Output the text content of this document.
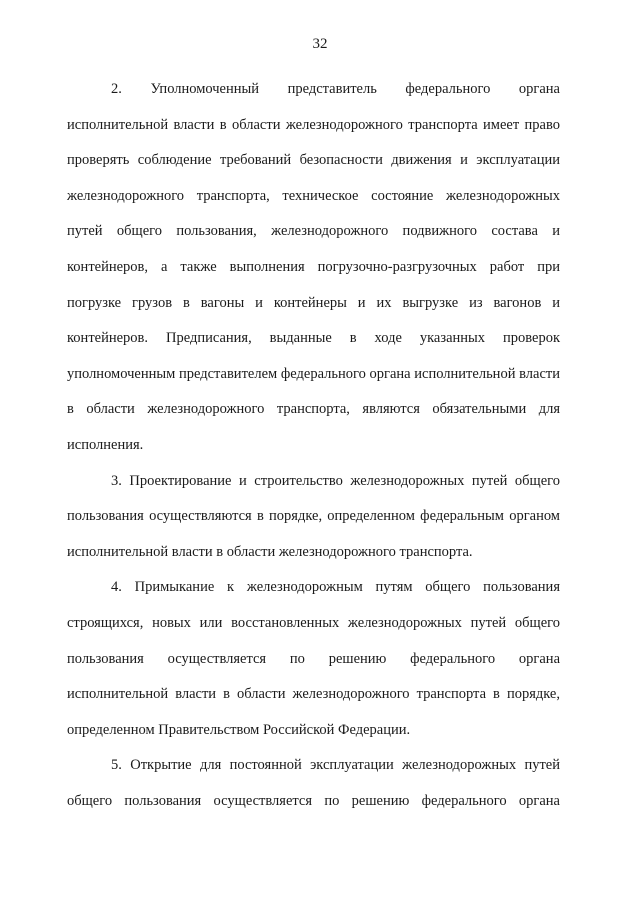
32

2. Уполномоченный представитель федерального органа исполнительной власти в области железнодорожного транспорта имеет право проверять соблюдение требований безопасности движения и эксплуатации железнодорожного транспорта, техническое состояние железнодорожных путей общего пользования, железнодорожного подвижного состава и контейнеров, а также выполнения погрузочно-разгрузочных работ при погрузке грузов в вагоны и контейнеры и их выгрузке из вагонов и контейнеров. Предписания, выданные в ходе указанных проверок уполномоченным представителем федерального органа исполнительной власти в области железнодорожного транспорта, являются обязательными для исполнения.

3. Проектирование и строительство железнодорожных путей общего пользования осуществляются в порядке, определенном федеральным органом исполнительной власти в области железнодорожного транспорта.

4. Примыкание к железнодорожным путям общего пользования строящихся, новых или восстановленных железнодорожных путей общего пользования осуществляется по решению федерального органа исполнительной власти в области железнодорожного транспорта в порядке, определенном Правительством Российской Федерации.

5. Открытие для постоянной эксплуатации железнодорожных путей общего пользования осуществляется по решению федерального органа
